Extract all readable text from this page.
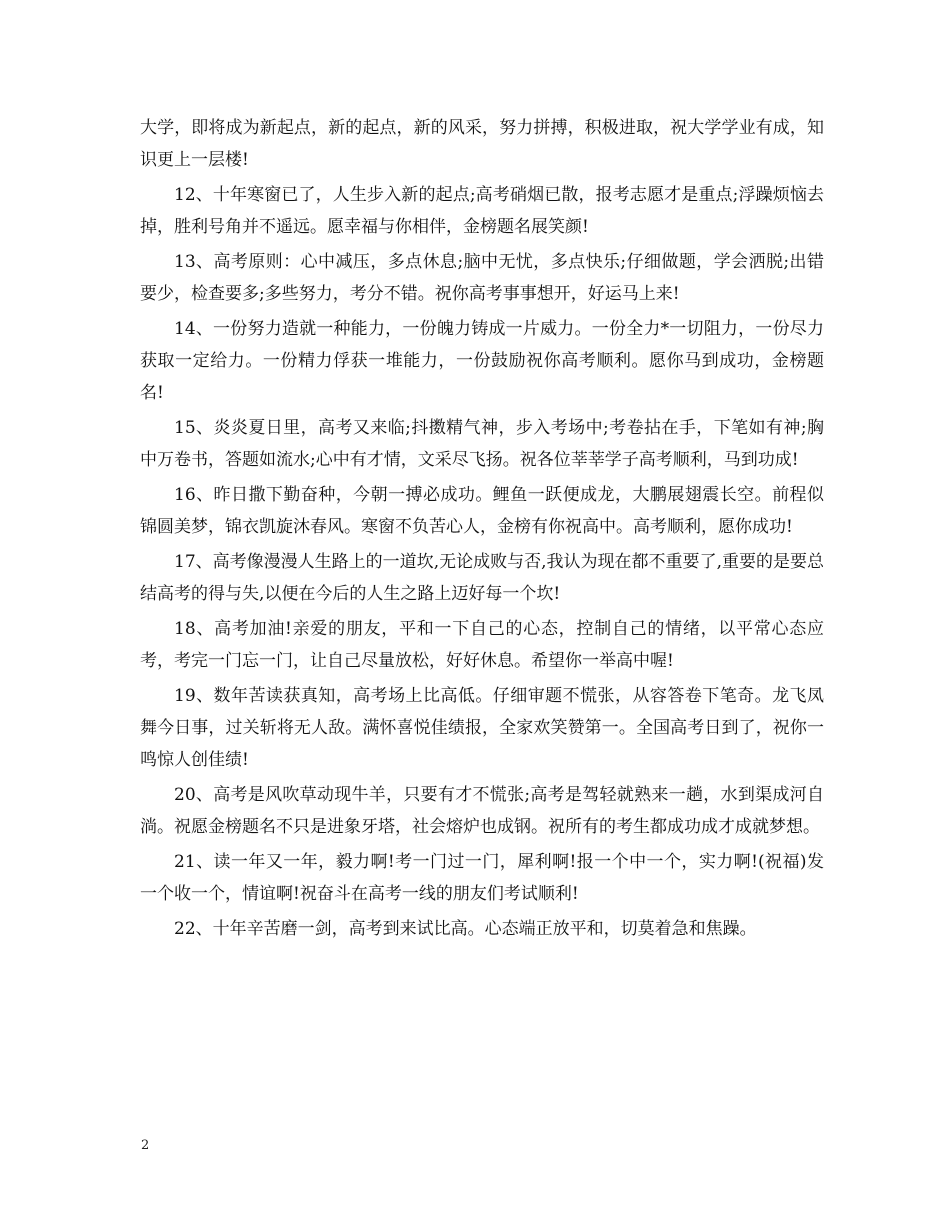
大学，即将成为新起点，新的起点，新的风采，努力拼搏，积极进取，祝大学学业有成，知识更上一层楼!

12、十年寒窗已了，人生步入新的起点;高考硝烟已散，报考志愿才是重点;浮躁烦恼去掉，胜利号角并不遥远。愿幸福与你相伴，金榜题名展笑颜!

13、高考原则：心中减压，多点休息;脑中无忧，多点快乐;仔细做题，学会洒脱;出错要少，检查要多;多些努力，考分不错。祝你高考事事想开，好运马上来!

14、一份努力造就一种能力，一份魄力铸成一片威力。一份全力*一切阻力，一份尽力获取一定给力。一份精力俘获一堆能力，一份鼓励祝你高考顺利。愿你马到成功，金榜题名!

15、炎炎夏日里，高考又来临;抖擞精气神，步入考场中;考卷拈在手，下笔如有神;胸中万卷书，答题如流水;心中有才情，文采尽飞扬。祝各位莘莘学子高考顺利，马到功成!

16、昨日撒下勤奋种，今朝一搏必成功。鲤鱼一跃便成龙，大鹏展翅震长空。前程似锦圆美梦，锦衣凯旋沐春风。寒窗不负苦心人，金榜有你祝高中。高考顺利，愿你成功!

17、高考像漫漫人生路上的一道坎,无论成败与否,我认为现在都不重要了,重要的是要总结高考的得与失,以便在今后的人生之路上迈好每一个坎!

18、高考加油!亲爱的朋友，平和一下自己的心态，控制自己的情绪，以平常心态应考，考完一门忘一门，让自己尽量放松，好好休息。希望你一举高中喔!

19、数年苦读获真知，高考场上比高低。仔细审题不慌张，从容答卷下笔奇。龙飞凤舞今日事，过关斩将无人敌。满怀喜悦佳绩报，全家欢笑赞第一。全国高考日到了，祝你一鸣惊人创佳绩!

20、高考是风吹草动现牛羊，只要有才不慌张;高考是驾轻就熟来一趟，水到渠成河自淌。祝愿金榜题名不只是进象牙塔，社会熔炉也成钢。祝所有的考生都成功成才成就梦想。

21、读一年又一年，毅力啊!考一门过一门，犀利啊!报一个中一个，实力啊!(祝福)发一个收一个，情谊啊!祝奋斗在高考一线的朋友们考试顺利!

22、十年辛苦磨一剑，高考到来试比高。心态端正放平和，切莫着急和焦躁。

2
